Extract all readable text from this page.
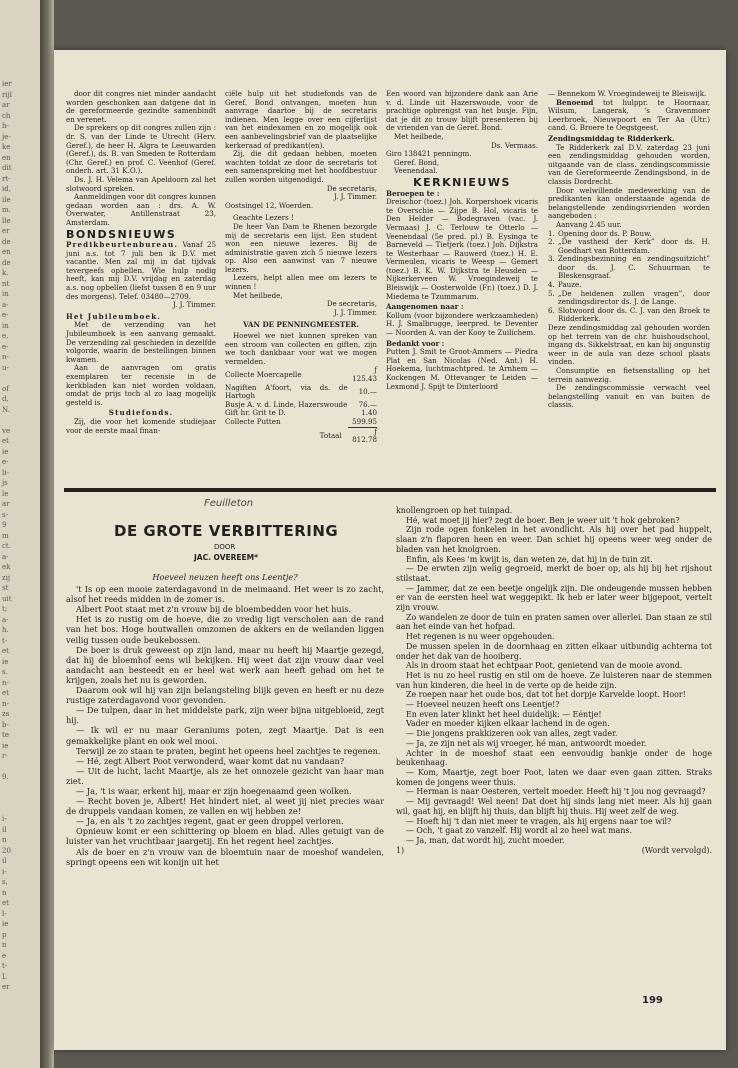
ier
rijl
ar
ch
h-
je-
ke
en
dit
rt-
id,
ile
m.
lle
er
de
en
de
k.
nt
in
a-
e-
in
e,
e-
n-
u-
of
d,
N.
ve
et
ie
e-
li-
js
le
ar
s-
9
m
ct.
a-
ek
zij
st
uit
t;
a-
h.
t-
et
ie
s.
n-
et
n-
zs
b-
te
ie
r-
9.
i-
il
n
20
il
i-
s,
n
et
l-
ie
p
n
e
t-
L
er

door dit congres niet minder aandacht worden geschonken aan datgene dat in de gereformeerde gezindte samenbindt en verenet.

De sprekers op dit congres zullen zijn : dr. S. van der Linde te Utrecht (Herv. Geref.), de heer H. Algra te Leeuwarden (Geref.), ds. B. van Smeden te Rotterdam (Chr. Geref.) en prof. C. Veenhof (Geref. onderh. art. 31 K.O.).

Ds. J. H. Velema van Apeldoorn zal het slotwoord spreken.

Aanmeldingen voor dit congres kunnen gedaan worden aan : drs. A. W. Overwater, Antillenstraat 23, Amsterdam.

BONDSNIEUWS

Predikbeurtenbureau. Vanaf 25 juni a.s. tot 7 juli ben ik D.V. met vacantie. Men zal mij in dat tijdvak tevergeefs opbellen. Wie hulp nodig heeft, kan mij D.V. vrijdag en zaterdag a.s. nog opbellen (liefst tussen 8 en 9 uur des morgens). Telef. 03480—2709.

J. J. Timmer.

Het Jubileumboek.

Met de verzending van het Jubileumboek is een aanvang gemaakt. De verzending zal geschieden in dezelfde volgorde, waarin de bestellingen binnen kwamen.

Aan de aanvragen om gratis exemplaren ter recensie in de kerkbladen kan niet worden voldaan, omdat de prijs toch al zo laag mogelijk gesteld is.

Studiefonds.

Zij, die voor het komende studiejaar voor de eerste maal finan-

ciële hulp uit het studiefonds van de Geref. Bond ontvangen, moeten hun aanvrage daartoe bij de secretaris indienen. Men legge over een cijferlijst van het eindexamen en zo mogelijk ook een aanbevelingsbrief van de plaatselijke kerkeraad of predikant(en).

Zij, die dit gedaan hebben, moeten wachten totdat ze door de secretaris tot een samenspreking met het hoofdbestuur zullen worden uitgenodigd.

De secretaris,

J. J. Timmer.

Oostsingel 12, Woerden.

Geachte Lezers !

De heer Van Dam te Rhenen bezorgde mij de secretaris een lijst. Een student won een nieuwe lezeres. Bij de administratie gaven zich 5 nieuwe lezers op. Also een aanwinst van 7 nieuwe lezers.

Lezers, helpt allen mee om lezers te winnen !

Met heilbede,

De secretaris,

J. J. Timmer.

VAN DE PENNINGMEESTER.

Hoewel we niet kunnen spreken van een stroom van collecten en giften, zijn we toch dankbaar voor wat we mogen vermelden.

Collecte Moercapelle	ƒ 125.43
Nagiften A'foort, via ds. de Hartogh	10.—
Busje A. v. d. Linde, Hazerswoude	76.—
Gift hr. Grit te D.	1.40
Collecte Putten	599.95
Totaal	ƒ 812.78

Een woord van bijzondere dank aan Arie v. d. Linde uit Hazerswoude, voor de prachtige opbrengst van het busje. Fijn, dat je dit zo trouw blijft presenteren bij de vrienden van de Geref. Bond.

Met heilbede,

Ds. Vermaas.

Giro 138421 penningm.

Geref. Bond,

Veenendaal.

KERKNIEUWS

Beroepen te :

Dreischor (toez.) Joh. Korpershoek vicaris te Overschie — Zijpe B. Hol, vicaris te Den Helder — Bodegraven (vac. J. Vermaas) J. C. Terlouw te Otterlo — Veenendaal (5e pred. pl.) B. Eysinga te Barneveld — Tietjerk (toez.) Joh. Dijkstra te Westerhaar — Rauwerd (toez.) H. E. Vermeulen, vicaris te Weesp — Gemert (toez.) B. K. W. Dijkstra te Heusden — Nijkerkerveen W. Vroegindeweij te Bleiswijk — Oosterwolde (Fr.) (toez.) D. J. Miedema te Tzummarum.

Aangenomen naar :

Kollum (voor bijzondere werkzaamheden) H. J. Smalbrugge, leerpred. te Deventer — Noorden A. van der Kooy te Zuilichem.

Bedankt voor :

Putten J. Smit te Groot-Ammers — Piedra Plat en San Nicolas (Ned. Ant.) H. Hoekema, luchtmachtpred. te Arnhem — Kockengen M. Ottevanger te Leiden — Lexmond J. Spijt te Dinterloord

— Bennekom W. Vroegindeweij te Bleiswijk.

Benoemd tot hulppr. te Hoornaar, Wilsum, Langerak, 's Gravenmoer Leerbroek, Nieuwpoort en Ter Aa (Utr.) cand. G. Broere te Oegstgeest.

Zendingsmiddag te Ridderkerk.

Te Ridderkerk zal D.V. zaterdag 23 juni een zendingsmiddag gehouden worden, uitgaande van de class. zendingscommissie van de Gereformeerde Zendingsbond, in de classis Dordrecht.

Door welwillende medewerking van de predikanten kan onderstaande agenda de belangstellende zendingsvrienden worden aangeboden :

Aanvang 2.45 uur.

1. Opening door ds. P. Bouw.

2. „De vastheid der Kerk” door ds. H. Goedhart van Rotterdam.

3. Zendingsbezinning en zendingsuitzicht” door ds. J. C. Schuurman te Bleskensgraaf.

4. Pauze.

5. „De heidenen zullen vragen”, door zendingsdirector ds. J. de Lange.

6. Slotwoord door ds. C. J. van den Broek te Ridderkerk.

Deze zendingsmiddag zal gehouden worden op het terrein van de chr. huishoudschool, ingang ds. Sikkelstraat, en kan bij ongunstig weer in de aula van deze school plaats vinden.

Consumptie en fietsenstalling op het terrein aanwezig.

De zendingscommissie verwacht veel belangstelling vanuit en van buiten de classis.

Feuilleton
DE GROTE VERBITTERING
DOOR
JAC. OVEREEM*

Hoeveel neuzen heeft ons Leentje?

't Is op een mooie zaterdagavond in de meimaand. Het weer is zo zacht, alsof het reeds midden in de zomer is.

Albert Poot staat met z'n vrouw bij de bloembedden voor het huis.

Het is zo rustig om de hoeve, die zo vredig ligt verscholen aan de rand van het bos. Hoge houtwallen omzomen de akkers en de weilanden liggen veilig tussen oude beukebossen.

De boer is druk geweest op zijn land, maar nu heeft hij Maartje gezegd, dat hij de bloemhof eens wil bekijken. Hij weet dat zijn vrouw daar veel aandacht aan besteedt en er heel wat werk aan heeft gehad om het te krijgen, zoals het nu is geworden.

Daarom ook wil hij van zijn belangsteling blijk geven en heeft er nu deze rustige zaterdagavond voor gevonden.

— De tulpen, daar in het middelste park, zijn weer bijna uitgebloeid, zegt hij.

— Ik wil er nu maar Geraniums poten, zegt Maartje. Dat is een gemakkelijke plant en ook wel mooi.

Terwijl ze zo staan te praten, begint het opeens heel zachtjes te regenen.

— Hé, zegt Albert Poot verwonderd, waar komt dat nu vandaan?

— Uit de lucht, lacht Maartje, als ze het onnozele gezicht van haar man ziet.

— Ja, 't is waar, erkent hij, maar er zijn hoegenaamd geen wolken.

— Recht boven je, Albert! Het hindert niet, al weet jij niet precies waar de druppels vandaan komen, ze vallen en wij hebben ze!

— Ja, en als 't zo zachtjes regent, gaat er geen droppel verloren.

Opnieuw komt er een schittering op bloem en blad. Alles getuigt van de luister van het vruchtbaar jaargetij. En het regent heel zachtjes.

Als de boer en z'n vrouw van de bloemtuin naar de moeshof wandelen, springt opeens een wit konijn uit het

knollengroen op het tuinpad.

Hé, wat moet jij hier? zegt de boer. Ben je weer uit 't hok gebroken?

Zijn rode ogen fonkelen in het avondlicht. Als hij over het pad huppelt, slaan z'n flaporen heen en weer. Dan schiet hij opeens weer weg onder de bladen van het knolgroen.

Enfin, als Kees 'm kwijt is, dan weten ze, dat hij in de tuin zit.

— De erwten zijn welig gegroeid, merkt de boer op, als hij bij het rijshout stilstaat.

— Jammer, dat ze een beetje ongelijk zijn. Die ondeugende mussen hebben er van de eersten heel wat weggepikt. Ik heb er later weer bijgepoot, vertelt zijn vrouw.

Zo wandelen ze door de tuin en praten samen over allerlei. Dan staan ze stil aan het einde van het hofpad.

Het regenen is nu weer opgehouden.

De mussen spelen in de doornhaag en zitten elkaar uitbundig achterna tot onder het dak van de hooiberg.

Als in droom staat het echtpaar Poot, genietend van de mooie avond.

Het is nu zo heel rustig en stil om de hoeve. Ze luisteren naar de stemmen van hun kinderen, die heel in de verte op de heide zijn.

Ze roepen naar het oude bos, dat tot het dorpje Karvelde loopt. Hoor!

— Hoeveel neuzen heeft ons Leentje!?

En even later klinkt het heel duidelijk: — Eéntje!

Vader en moeder kijken elkaar lachend in de ogen.

— Die jongens prakkizeren ook van alles, zegt vader.

— Ja, ze zijn net als wij vroeger, hé man, antwoordt moeder.

Achter in de moeshof staat een eenvoudig bankje onder de hoge beukenhaag.

— Kom, Maartje, zegt boer Poot, laten we daar even gaan zitten. Straks komen de jongens weer thuis.

— Herman is naar Oesteren, vertelt moeder. Heeft hij 't jou nog gevraagd?

— Mij gevraagd! Wel neen! Dat doet hij sinds lang niet meer. Als hij gaan wil, gaat hij, en blijft hij thuis, dan blijft hij thuis. Hij weet zelf de weg.

— Hoeft hij 't dan niet meer te vragen, als hij ergens naar toe wil?

— Och, 't gaat zo vanzelf. Hij wordt al zo heel wat mans.

— Ja, man, dat wordt hij, zucht moeder.

1)	(Wordt vervolgd).

199
